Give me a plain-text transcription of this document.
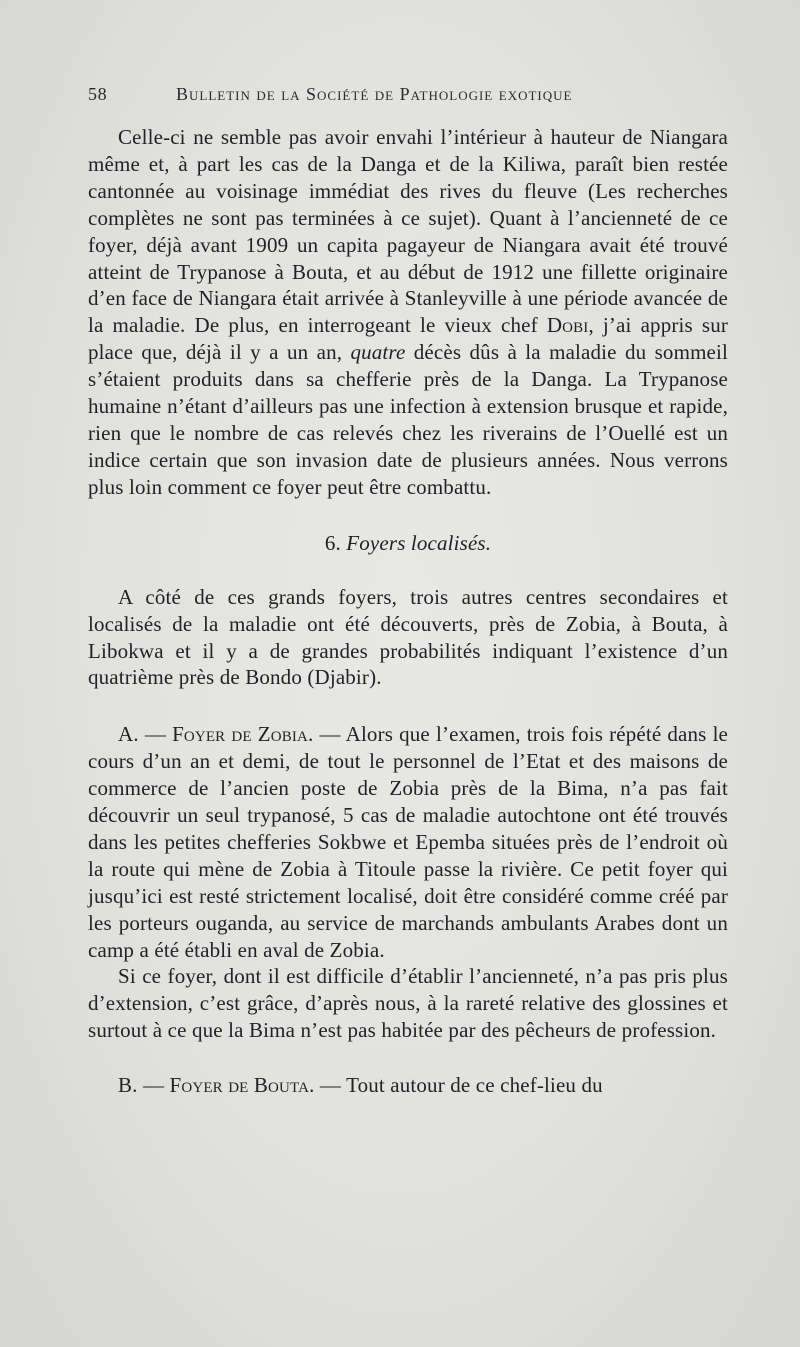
58	Bulletin de la Société de Pathologie exotique

Celle-ci ne semble pas avoir envahi l’intérieur à hauteur de Niangara même et, à part les cas de la Danga et de la Kiliwa, paraît bien restée cantonnée au voisinage immédiat des rives du fleuve (Les recherches complètes ne sont pas terminées à ce sujet). Quant à l’ancienneté de ce foyer, déjà avant 1909 un capita pagayeur de Niangara avait été trouvé atteint de Trypanose à Bouta, et au début de 1912 une fillette originaire d’en face de Niangara était arrivée à Stanleyville à une période avancée de la maladie. De plus, en interrogeant le vieux chef Dobi, j’ai appris sur place que, déjà il y a un an, quatre décès dûs à la maladie du sommeil s’étaient produits dans sa chefferie près de la Danga. La Trypanose humaine n’étant d’ailleurs pas une infection à extension brusque et rapide, rien que le nombre de cas relevés chez les riverains de l’Ouellé est un indice certain que son invasion date de plusieurs années. Nous verrons plus loin comment ce foyer peut être combattu.

6. Foyers localisés.

A côté de ces grands foyers, trois autres centres secondaires et localisés de la maladie ont été découverts, près de Zobia, à Bouta, à Libokwa et il y a de grandes probabilités indiquant l’existence d’un quatrième près de Bondo (Djabir).

A. — Foyer de Zobia. — Alors que l’examen, trois fois répété dans le cours d’un an et demi, de tout le personnel de l’Etat et des maisons de commerce de l’ancien poste de Zobia près de la Bima, n’a pas fait découvrir un seul trypanosé, 5 cas de maladie autochtone ont été trouvés dans les petites chefferies Sokbwe et Epemba situées près de l’endroit où la route qui mène de Zobia à Titoule passe la rivière. Ce petit foyer qui jusqu’ici est resté strictement localisé, doit être considéré comme créé par les porteurs ouganda, au service de marchands ambulants Arabes dont un camp a été établi en aval de Zobia.

Si ce foyer, dont il est difficile d’établir l’ancienneté, n’a pas pris plus d’extension, c’est grâce, d’après nous, à la rareté relative des glossines et surtout à ce que la Bima n’est pas habitée par des pêcheurs de profession.

B. — Foyer de Bouta. — Tout autour de ce chef-lieu du
